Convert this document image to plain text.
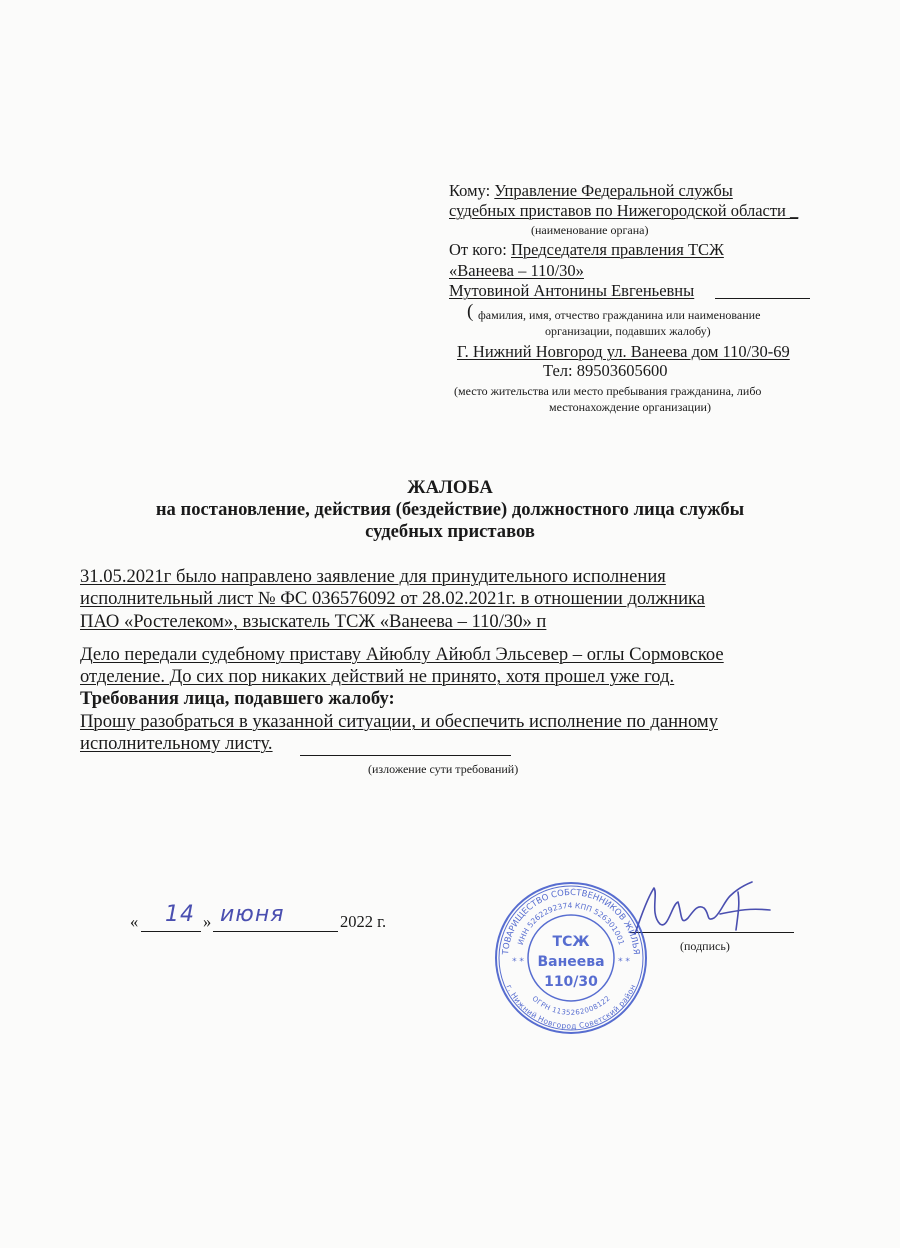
Кому: Управление Федеральной службы
судебных приставов по Нижегородской области _
(наименование органа)
От кого: Председателя правления ТСЖ
«Ванеева – 110/30»
Мутовиной Антонины Евгеньевны
( фамилия, имя, отчество гражданина или наименование
организации, подавших жалобу)
Г. Нижний Новгород ул. Ванеева дом 110/30-69
Тел: 89503605600
(место жительства или место пребывания гражданина, либо
местонахождение организации)
ЖАЛОБА
на постановление, действия (бездействие) должностного лица службы
судебных приставов
31.05.2021г было направлено заявление для принудительного исполнения
исполнительный лист № ФС 036576092 от 28.02.2021г. в отношении должника
ПАО «Ростелеком», взыскатель ТСЖ «Ванеева – 110/30» п
Дело передали судебному приставу Айюблу Айюбл Эльсевер – оглы Сормовское
отделение. До сих пор никаких действий не принято, хотя прошел уже год.
Требования лица, подавшего жалобу:
Прошу разобраться в указанной ситуации, и обеспечить исполнение по данному
исполнительному листу.
(изложение сути требований)
« 14 » июня	2022 г.
(подпись)
ТОВАРИЩЕСТВО СОБСТВЕННИКОВ ЖИЛЬЯ
ИНН 5262292374 КПП 526301001
г. Нижний Новгород Советский район
ОГРН 1135262008122
ТСЖ
Ванеева
110/30
* *	* *
